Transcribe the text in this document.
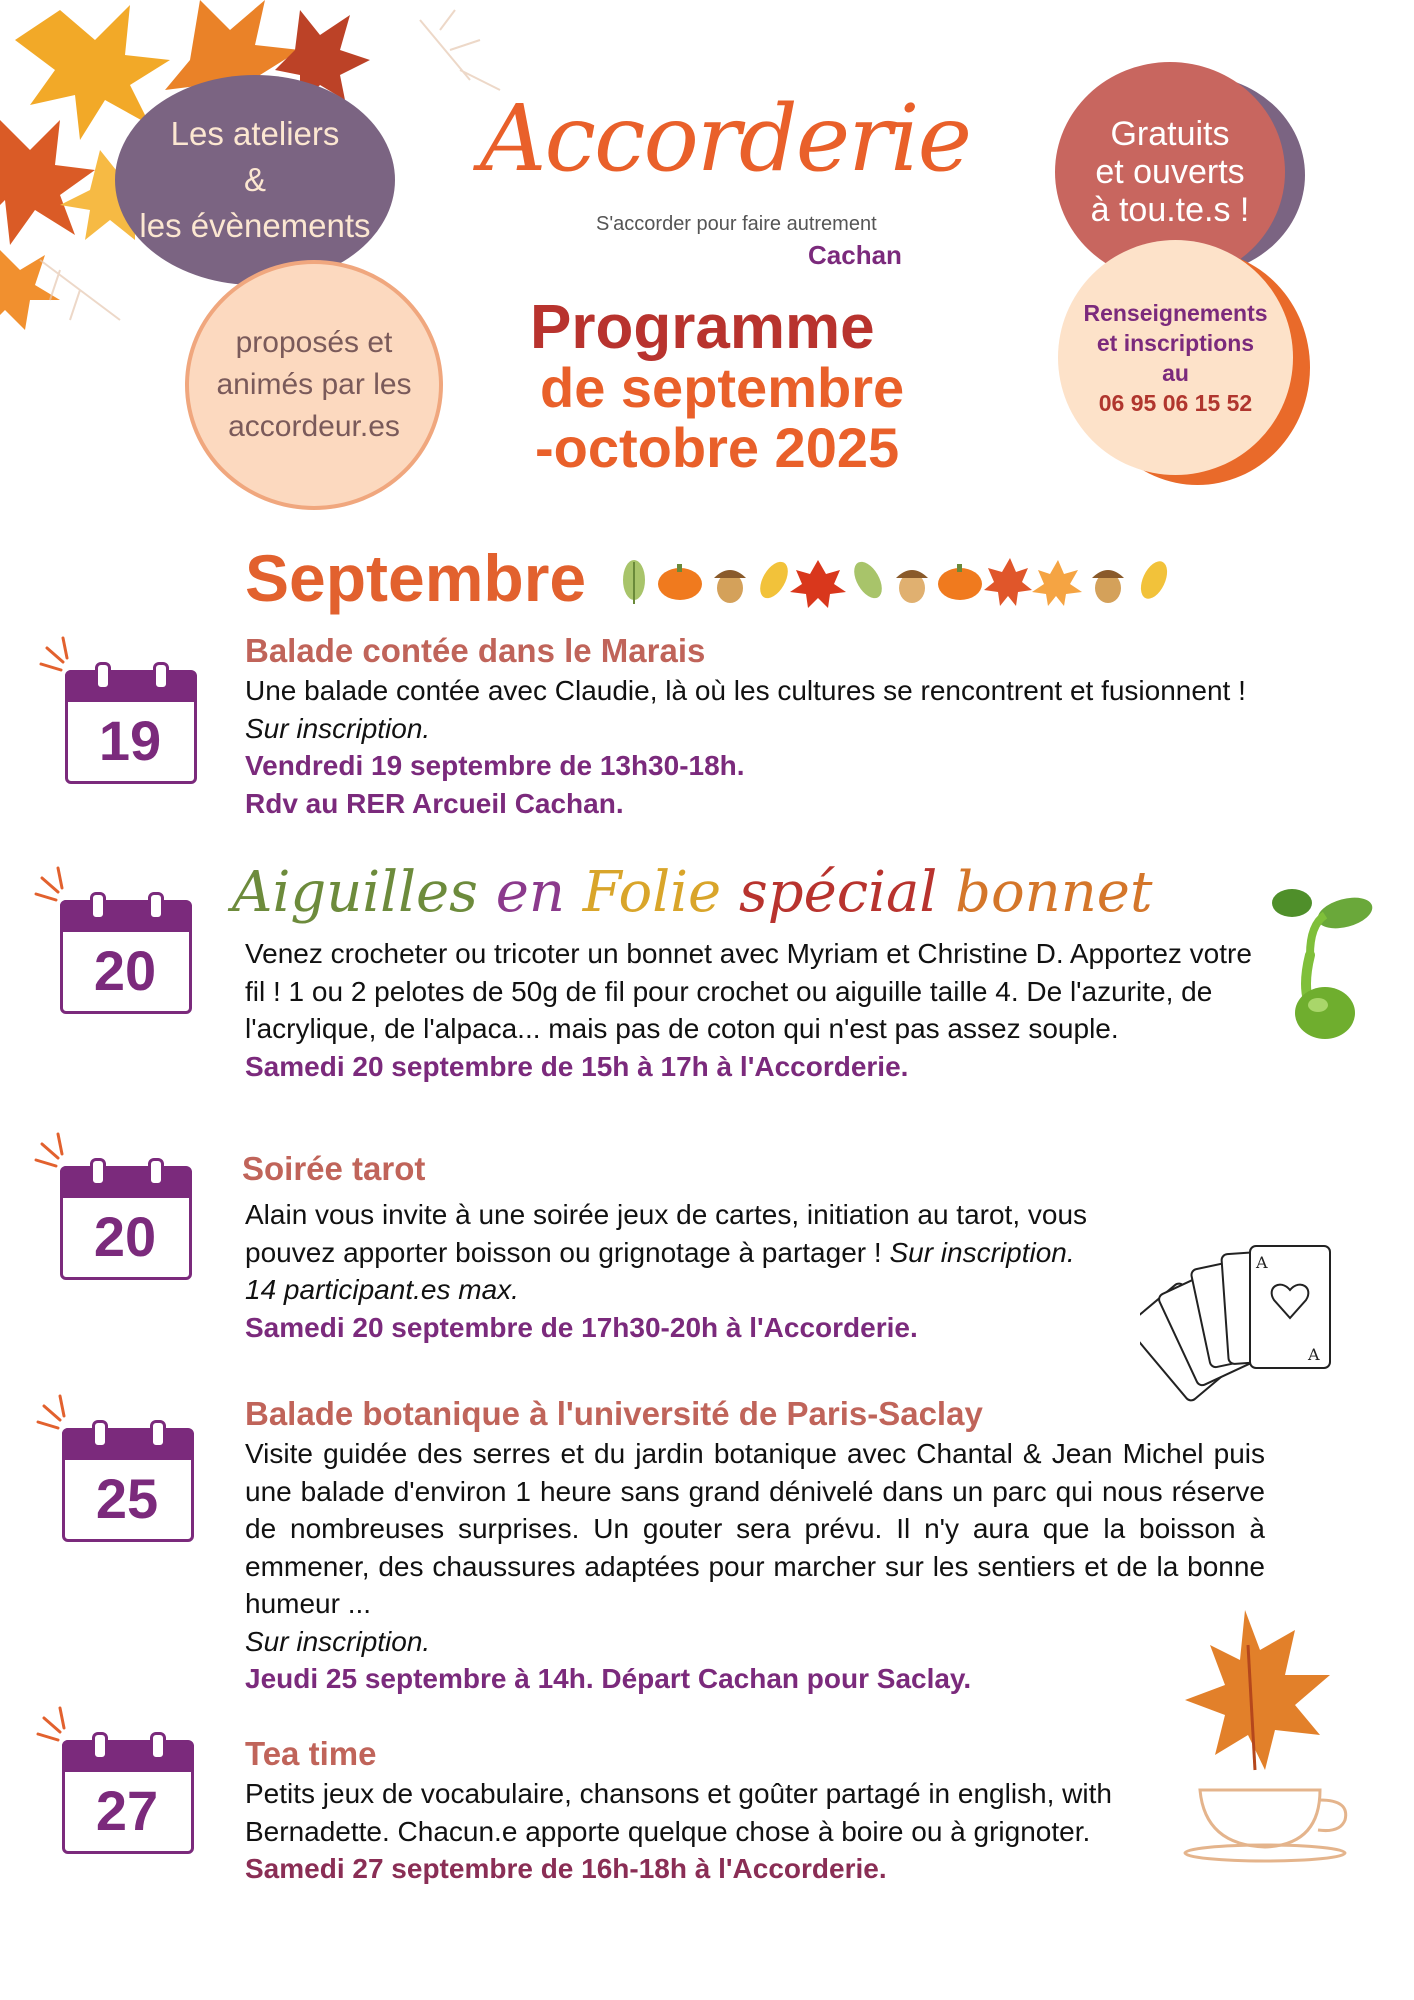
Les ateliers
&
les évènements
proposés et
animés par les
accordeur.es
Accorderie
S'accorder pour faire autrement
Cachan
Programme
de septembre
-octobre 2025
Gratuits
et ouverts
à tou.te.s !
Renseignements
et inscriptions
au
06 95 06 15 52
Septembre
19
Balade contée dans le Marais
Une balade contée avec Claudie, là où les cultures se rencontrent et fusionnent !
Sur inscription.
Vendredi 19 septembre de 13h30-18h.
Rdv au RER Arcueil Cachan.
20
Aiguilles en Folie spécial bonnet
Venez crocheter ou tricoter un bonnet avec Myriam et Christine D. Apportez votre fil ! 1 ou 2 pelotes de 50g de fil pour crochet ou aiguille taille 4. De l'azurite, de l'acrylique, de l'alpaca... mais pas de coton qui n'est pas assez souple.
Samedi 20 septembre de 15h à 17h à l'Accorderie.
20
Soirée tarot
Alain vous invite à une soirée jeux de cartes, initiation au tarot, vous pouvez apporter boisson ou grignotage à partager ! Sur inscription.
14 participant.es max.
Samedi 20 septembre de 17h30-20h à l'Accorderie.
A
A
25
Balade botanique à l'université de Paris-Saclay
Visite guidée des serres et du jardin botanique avec Chantal & Jean Michel puis une balade d'environ 1 heure sans grand dénivelé dans un parc qui nous réserve de nombreuses surprises. Un gouter sera prévu. Il n'y aura que la boisson à emmener, des chaussures adaptées pour marcher sur les sentiers et de la bonne humeur ...
Sur inscription.
Jeudi 25 septembre à 14h. Départ Cachan pour Saclay.
27
Tea time
Petits jeux de vocabulaire, chansons et goûter partagé in english, with Bernadette. Chacun.e apporte quelque chose à boire ou à grignoter.
Samedi 27 septembre de 16h-18h à l'Accorderie.
